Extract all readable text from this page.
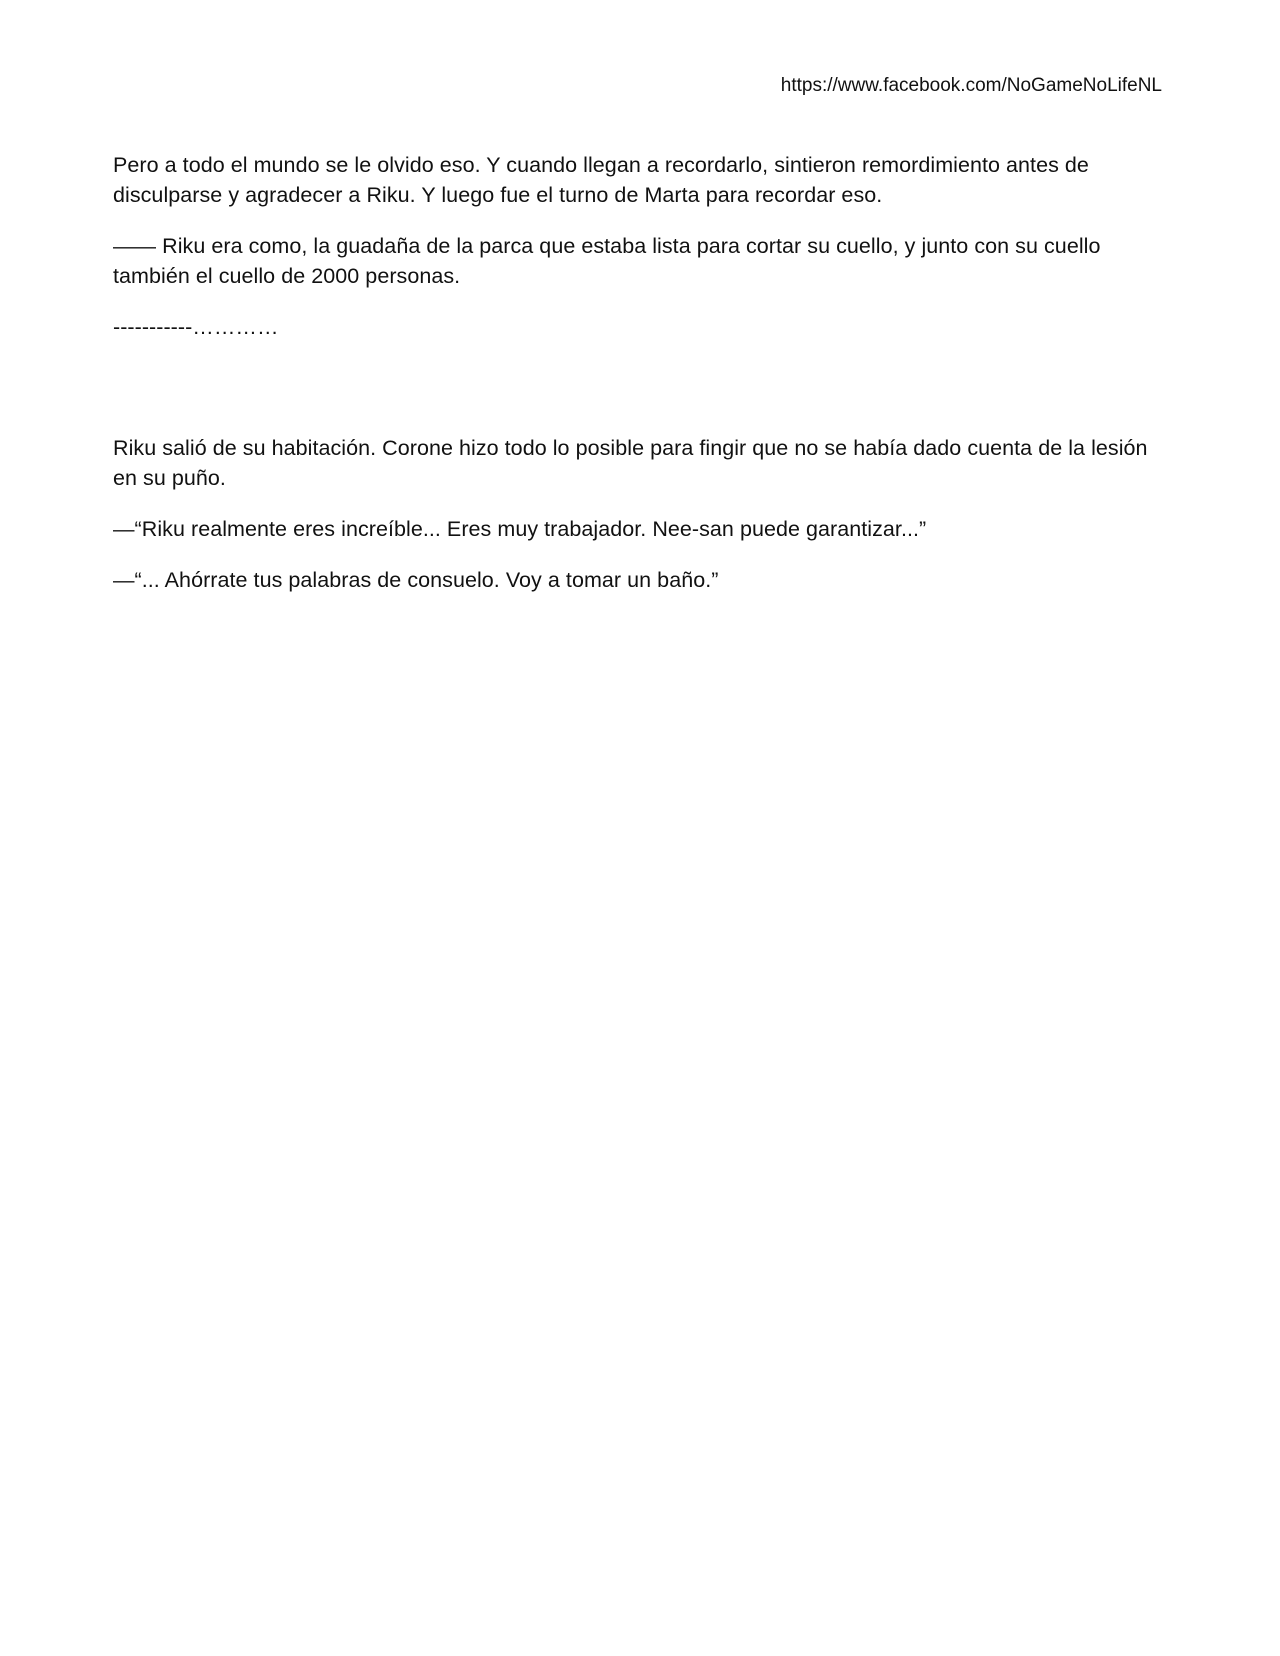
https://www.facebook.com/NoGameNoLifeNL

Pero a todo el mundo se le olvido eso. Y cuando llegan a recordarlo, sintieron remordimiento antes de disculparse y agradecer a Riku. Y luego fue el turno de Marta para recordar eso.

—— Riku era como, la guadaña de la parca que estaba lista para cortar su cuello, y junto con su cuello también el cuello de 2000 personas.

-----------…………

Riku salió de su habitación. Corone hizo todo lo posible para fingir que no se había dado cuenta de la lesión en su puño.

—“Riku realmente eres increíble... Eres muy trabajador. Nee-san puede garantizar...”

—“... Ahórrate tus palabras de consuelo. Voy a tomar un baño.”
